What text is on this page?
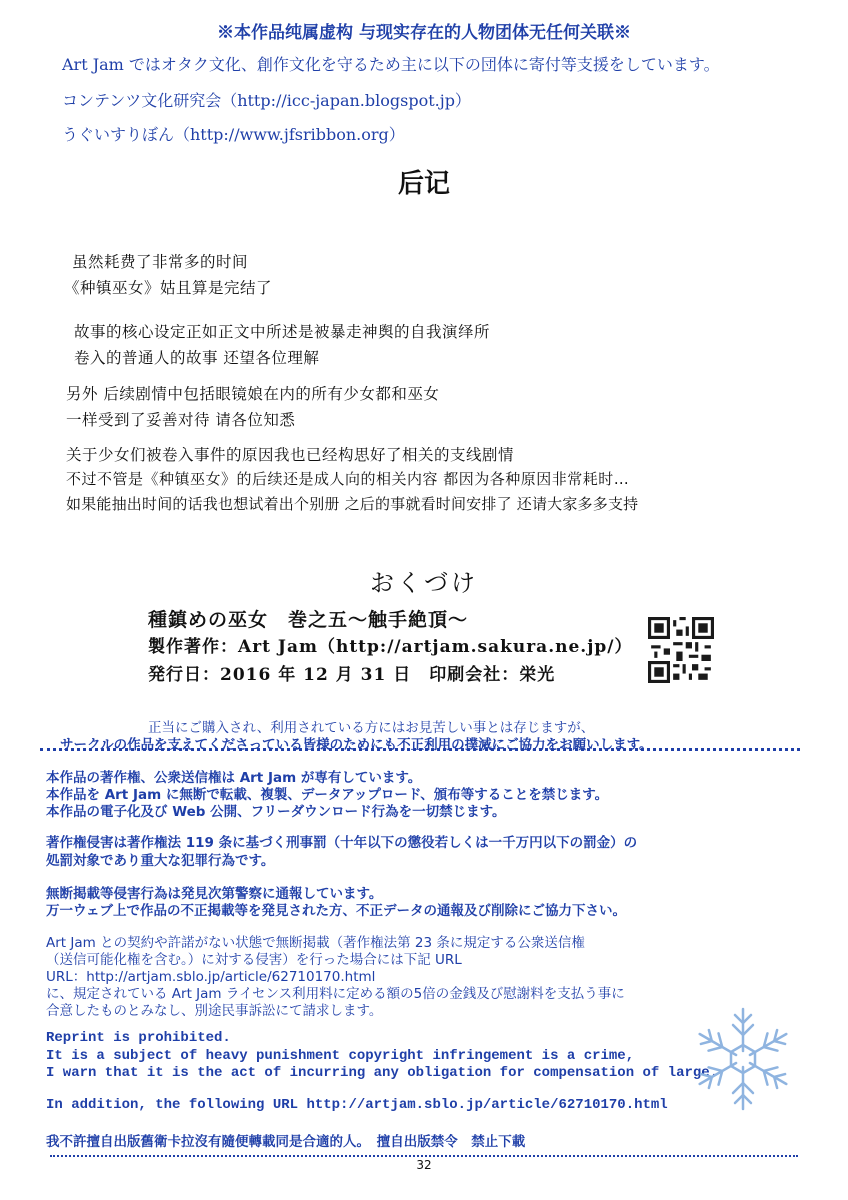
※本作品纯属虚构 与现实存在的人物团体无任何关联※
Art Jam ではオタク文化、創作文化を守るため主に以下の団体に寄付等支援をしています。
コンテンツ文化研究会（http://icc-japan.blogspot.jp）
うぐいすりぼん（http://www.jfsribbon.org）
后记
虽然耗费了非常多的时间
《种镇巫女》姑且算是完结了
故事的核心设定正如正文中所述是被暴走神舆的自我演绎所
卷入的普通人的故事 还望各位理解
另外 后续剧情中包括眼镜娘在内的所有少女都和巫女
一样受到了妥善对待 请各位知悉
关于少女们被卷入事件的原因我也已经构思好了相关的支线剧情
不过不管是《种镇巫女》的后续还是成人向的相关内容 都因为各种原因非常耗时…
如果能抽出时间的话我也想试着出个别册 之后的事就看时间安排了 还请大家多多支持
おくづけ
種鎮めの巫女　巻之五～触手絶頂～
製作著作：Art Jam（http://artjam.sakura.ne.jp/）
発行日：2016 年 12 月 31 日　印刷会社：栄光
正当にご購入され、利用されている方にはお見苦しい事とは存じますが、
サークルの作品を支えてくださっている皆様のためにも不正利用の撲滅にご協力をお願いします。
本作品の著作権、公衆送信権は Art Jam が専有しています。
本作品を Art Jam に無断で転載、複製、データアップロード、頒布等することを禁じます。
本作品の電子化及び Web 公開、フリーダウンロード行為を一切禁じます。
著作権侵害は著作権法 119 条に基づく刑事罰（十年以下の懲役若しくは一千万円以下の罰金）の
処罰対象であり重大な犯罪行為です。
無断掲載等侵害行為は発見次第警察に通報しています。
万一ウェブ上で作品の不正掲載等を発見された方、不正データの通報及び削除にご協力下さい。
Art Jam との契約や許諾がない状態で無断掲載（著作権法第 23 条に規定する公衆送信権
（送信可能化権を含む。）に対する侵害）を行った場合には下記 URL
URL：http://artjam.sblo.jp/article/62710170.html
に、規定されている Art Jam ライセンス利用料に定める額の5倍の金銭及び慰謝料を支払う事に
合意したものとみなし、別途民事訴訟にて請求します。
Reprint is prohibited.
It is a subject of heavy punishment copyright infringement is a crime,
I warn that it is the act of incurring any obligation for compensation of large.
In addition, the following URL http://artjam.sblo.jp/article/62710170.html
我不許擅自出版舊衛卡拉沒有隨便轉載同是合適的人。　擅自出版禁令　禁止下載
32
